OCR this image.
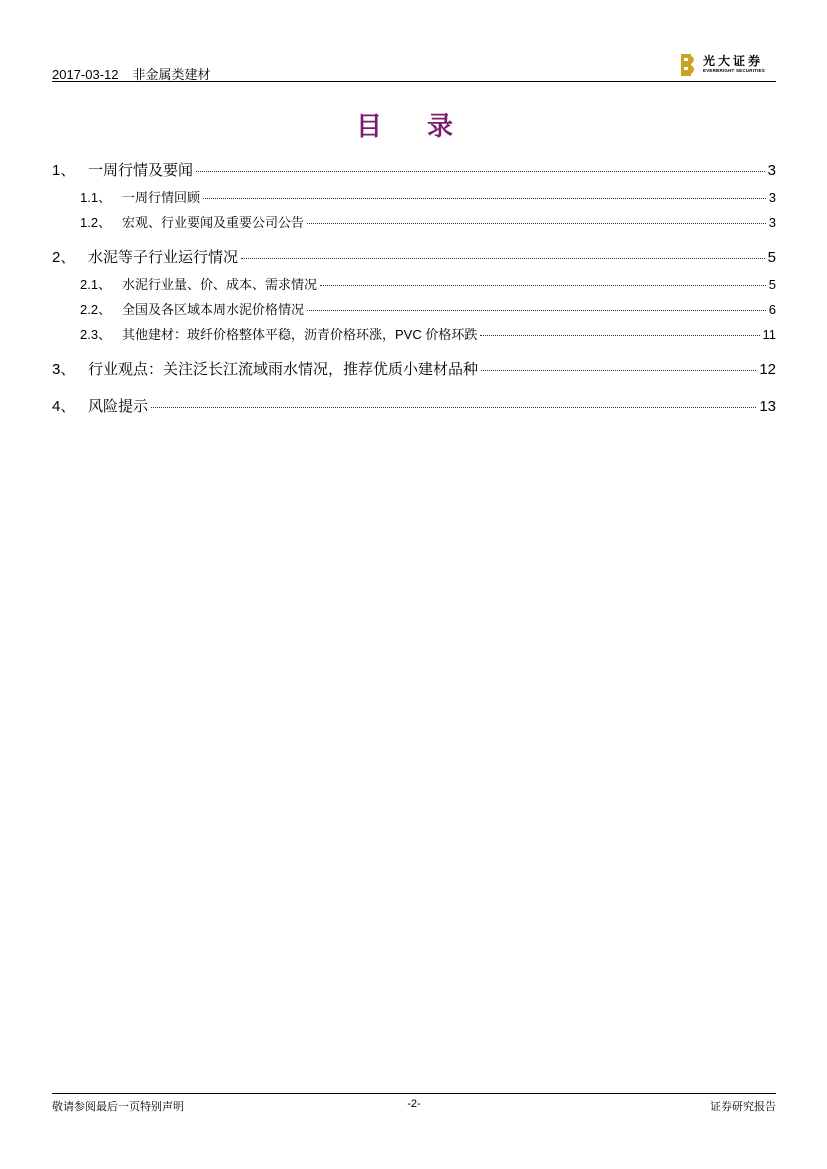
2017-03-12 非金属类建材
光大证券
EVERBRIGHT SECURITIES
目 录
1、 一周行情及要闻	3
1.1、 一周行情回顾	3
1.2、 宏观、行业要闻及重要公司公告	3
2、 水泥等子行业运行情况	5
2.1、 水泥行业量、价、成本、需求情况	5
2.2、 全国及各区域本周水泥价格情况	6
2.3、 其他建材：玻纤价格整体平稳，沥青价格环涨，PVC 价格环跌	11
3、 行业观点：关注泛长江流域雨水情况，推荐优质小建材品种	12
4、 风险提示	13
敬请参阅最后一页特别声明	-2-	证券研究报告
